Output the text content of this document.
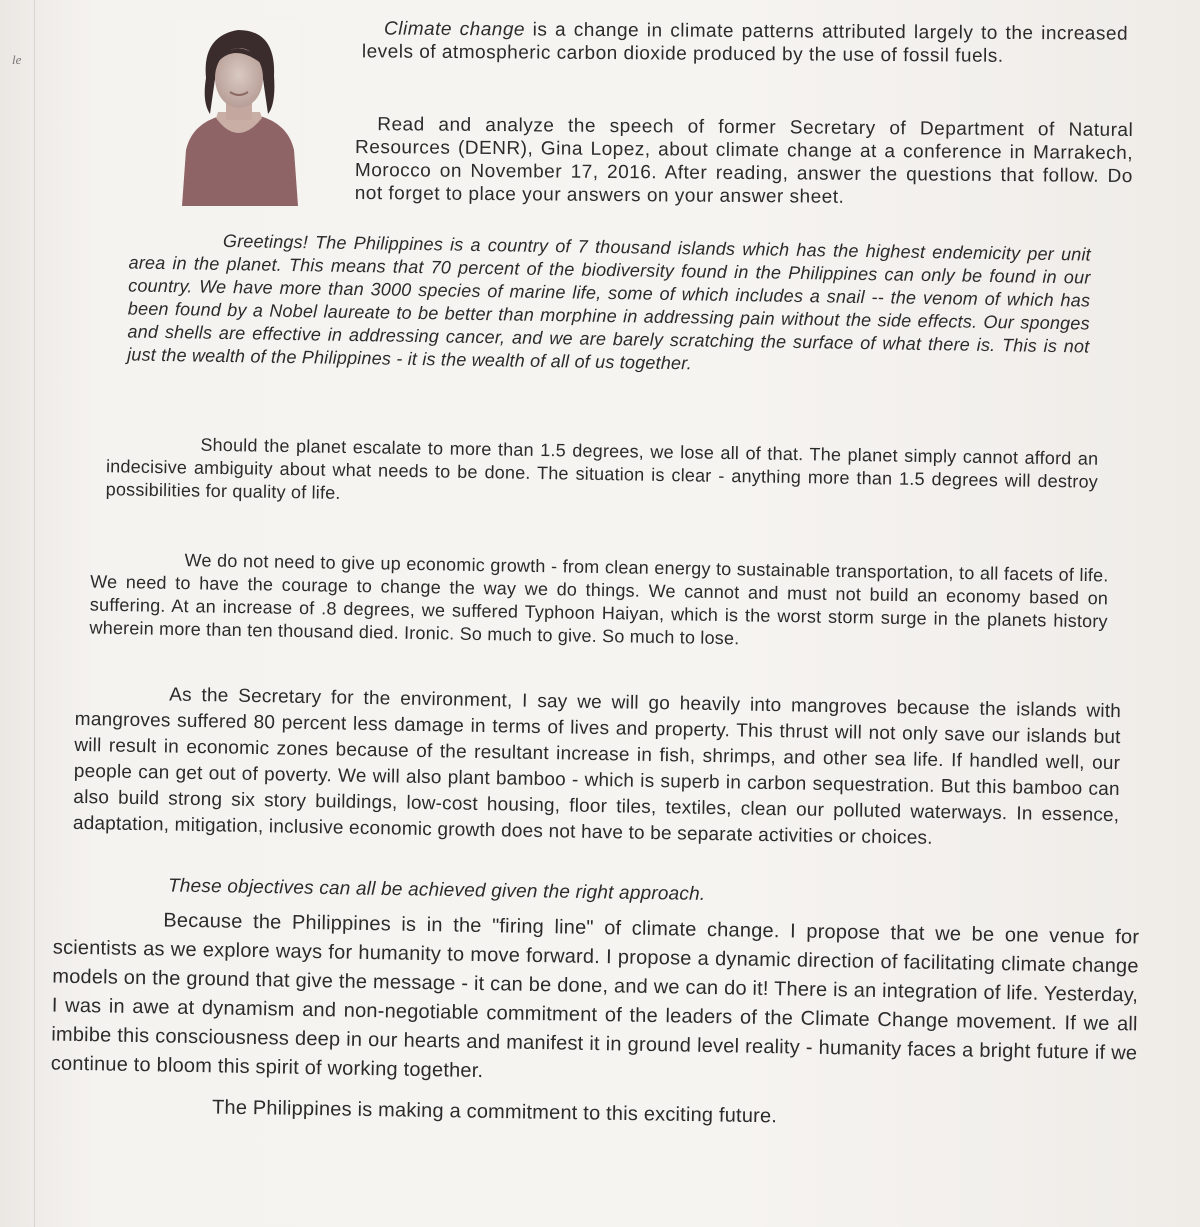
le

Climate change is a change in climate patterns attributed largely to the increased levels of atmospheric carbon dioxide produced by the use of fossil fuels.

Read and analyze the speech of former Secretary of Department of Natural Resources (DENR), Gina Lopez, about climate change at a conference in Marrakech, Morocco on November 17, 2016. After reading, answer the questions that follow. Do not forget to place your answers on your answer sheet.

Greetings! The Philippines is a country of 7 thousand islands which has the highest endemicity per unit area in the planet. This means that 70 percent of the biodiversity found in the Philippines can only be found in our country. We have more than 3000 species of marine life, some of which includes a snail -- the venom of which has been found by a Nobel laureate to be better than morphine in addressing pain without the side effects. Our sponges and shells are effective in addressing cancer, and we are barely scratching the surface of what there is. This is not just the wealth of the Philippines - it is the wealth of all of us together.

Should the planet escalate to more than 1.5 degrees, we lose all of that. The planet simply cannot afford an indecisive ambiguity about what needs to be done. The situation is clear - anything more than 1.5 degrees will destroy possibilities for quality of life.

We do not need to give up economic growth - from clean energy to sustainable transportation, to all facets of life. We need to have the courage to change the way we do things. We cannot and must not build an economy based on suffering. At an increase of .8 degrees, we suffered Typhoon Haiyan, which is the worst storm surge in the planets history wherein more than ten thousand died. Ironic. So much to give. So much to lose.

As the Secretary for the environment, I say we will go heavily into mangroves because the islands with mangroves suffered 80 percent less damage in terms of lives and property. This thrust will not only save our islands but will result in economic zones because of the resultant increase in fish, shrimps, and other sea life. If handled well, our people can get out of poverty. We will also plant bamboo - which is superb in carbon sequestration. But this bamboo can also build strong six story buildings, low-cost housing, floor tiles, textiles, clean our polluted waterways. In essence, adaptation, mitigation, inclusive economic growth does not have to be separate activities or choices.

These objectives can all be achieved given the right approach.

Because the Philippines is in the "firing line" of climate change. I propose that we be one venue for scientists as we explore ways for humanity to move forward. I propose a dynamic direction of facilitating climate change models on the ground that give the message - it can be done, and we can do it! There is an integration of life. Yesterday, I was in awe at dynamism and non-negotiable commitment of the leaders of the Climate Change movement. If we all imbibe this consciousness deep in our hearts and manifest it in ground level reality - humanity faces a bright future if we continue to bloom this spirit of working together.

The Philippines is making a commitment to this exciting future.
